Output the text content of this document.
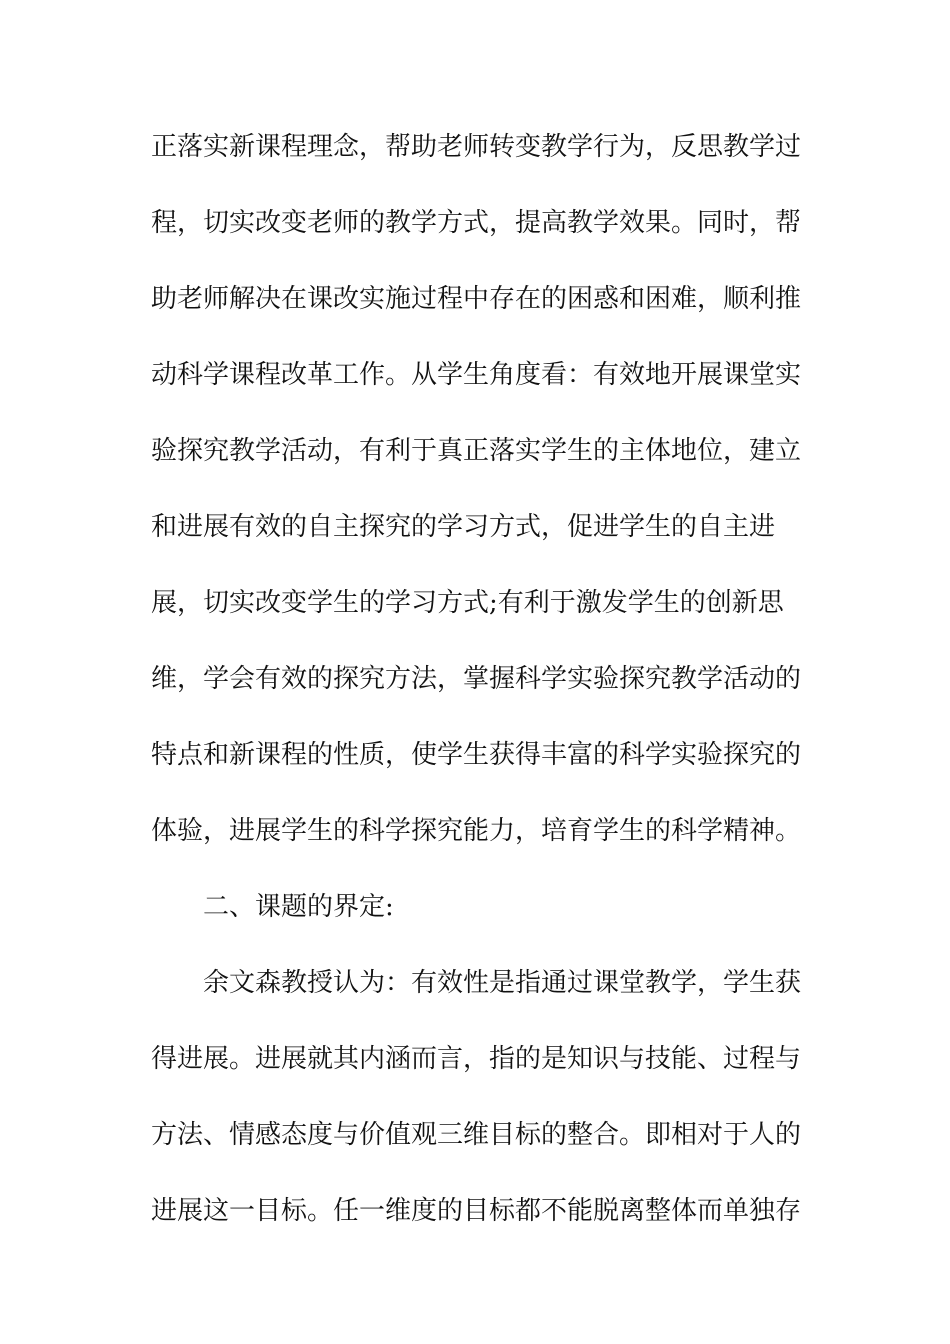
正落实新课程理念，帮助老师转变教学行为，反思教学过
程，切实改变老师的教学方式，提高教学效果。同时，帮
助老师解决在课改实施过程中存在的困惑和困难，顺利推
动科学课程改革工作。从学生角度看：有效地开展课堂实
验探究教学活动，有利于真正落实学生的主体地位，建立
和进展有效的自主探究的学习方式，促进学生的自主进
展，切实改变学生的学习方式;有利于激发学生的创新思
维，学会有效的探究方法，掌握科学实验探究教学活动的
特点和新课程的性质，使学生获得丰富的科学实验探究的
体验，进展学生的科学探究能力，培育学生的科学精神。
二、课题的界定:
余文森教授认为：有效性是指通过课堂教学，学生获
得进展。进展就其内涵而言，指的是知识与技能、过程与
方法、情感态度与价值观三维目标的整合。即相对于人的
进展这一目标。任一维度的目标都不能脱离整体而单独存
